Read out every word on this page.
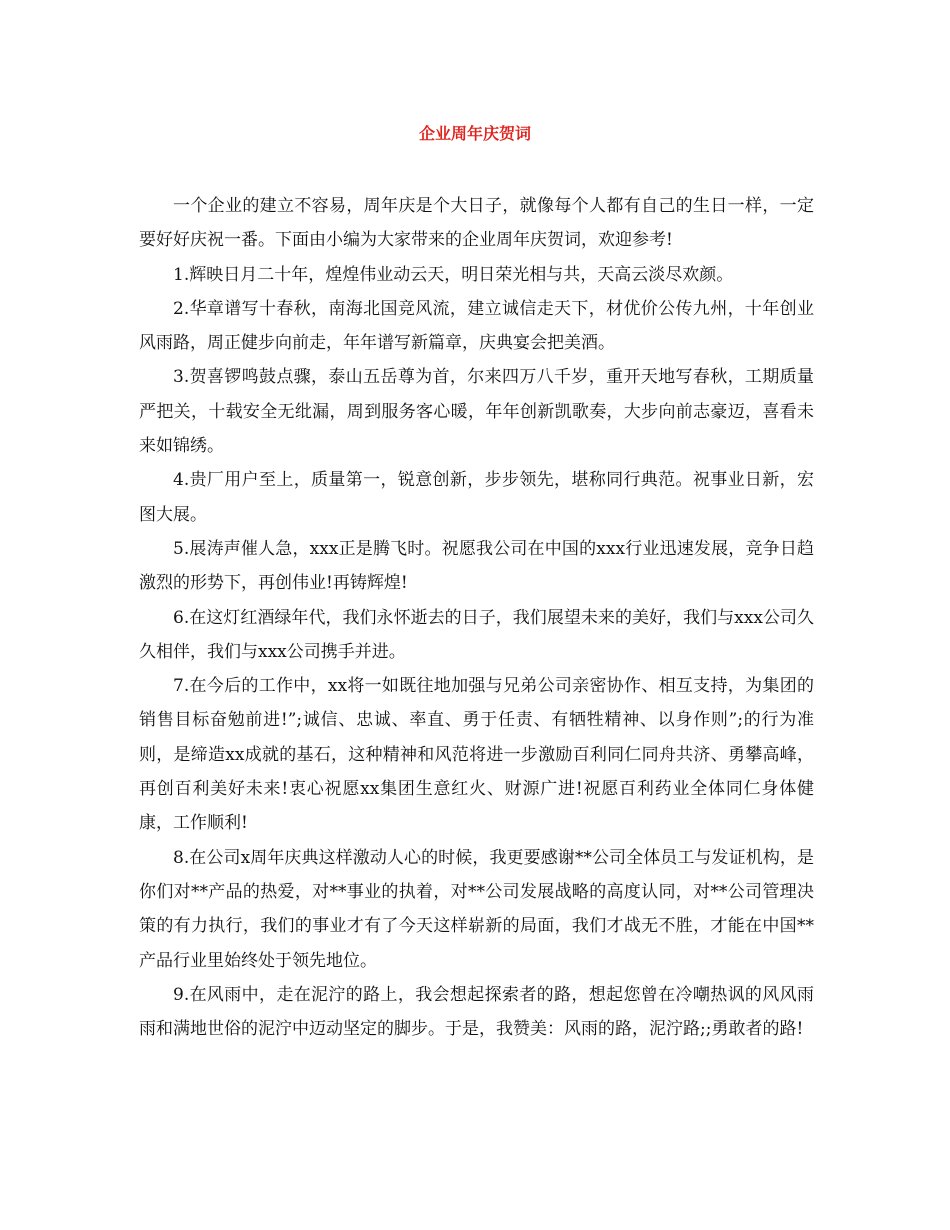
企业周年庆贺词

一个企业的建立不容易，周年庆是个大日子，就像每个人都有自己的生日一样，一定要好好庆祝一番。下面由小编为大家带来的企业周年庆贺词，欢迎参考!

1.辉映日月二十年，煌煌伟业动云天，明日荣光相与共，天高云淡尽欢颜。

2.华章谱写十春秋，南海北国竞风流，建立诚信走天下，材优价公传九州，十年创业风雨路，周正健步向前走，年年谱写新篇章，庆典宴会把美酒。

3.贺喜锣鸣鼓点骤，泰山五岳尊为首，尔来四万八千岁，重开天地写春秋，工期质量严把关，十载安全无纰漏，周到服务客心暖，年年创新凯歌奏，大步向前志豪迈，喜看未来如锦绣。

4.贵厂用户至上，质量第一，锐意创新，步步领先，堪称同行典范。祝事业日新，宏图大展。

5.展涛声催人急，xxx正是腾飞时。祝愿我公司在中国的xxx行业迅速发展，竞争日趋激烈的形势下，再创伟业!再铸辉煌!

6.在这灯红酒绿年代，我们永怀逝去的日子，我们展望未来的美好，我们与xxx公司久久相伴，我们与xxx公司携手并进。

7.在今后的工作中，xx将一如既往地加强与兄弟公司亲密协作、相互支持，为集团的销售目标奋勉前进!”;诚信、忠诚、率直、勇于任责、有牺牲精神、以身作则”;的行为准则，是缔造xx成就的基石，这种精神和风范将进一步激励百利同仁同舟共济、勇攀高峰，再创百利美好未来!衷心祝愿xx集团生意红火、财源广进!祝愿百利药业全体同仁身体健康，工作顺利!

8.在公司x周年庆典这样激动人心的时候，我更要感谢**公司全体员工与发证机构，是你们对**产品的热爱，对**事业的执着，对**公司发展战略的高度认同，对**公司管理决策的有力执行，我们的事业才有了今天这样崭新的局面，我们才战无不胜，才能在中国**产品行业里始终处于领先地位。

9.在风雨中，走在泥泞的路上，我会想起探索者的路，想起您曾在冷嘲热讽的风风雨雨和满地世俗的泥泞中迈动坚定的脚步。于是，我赞美：风雨的路，泥泞路;;勇敢者的路!
